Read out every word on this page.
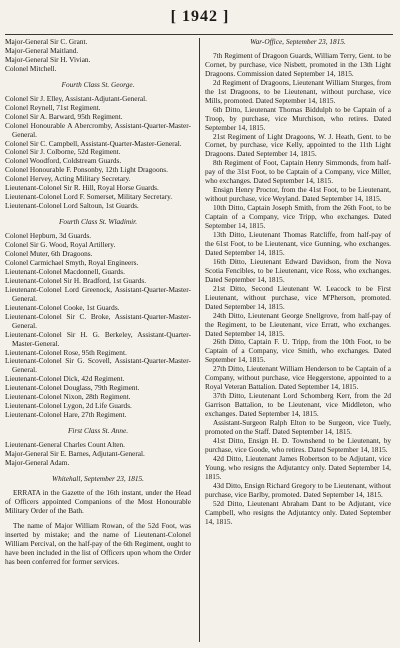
[ 1942 ]
Major-General Sir C. Grant.
Major-General Maitland.
Major-General Sir H. Vivian.
Colonel Mitchell.

Fourth Class St. George.

Colonel Sir J. Elley, Assistant-Adjutant-General.

Colonel Reynell, 71st Regiment.

Colonel Sir A. Barward, 95th Regiment.

Colonel Honourable A Abercromby, Assistant-Quarter-Master-General.

Colonel Sir C. Campbell, Assistant-Quarter-Master-General.

Colonel Sir J. Colborne, 52d Regiment.

Colonel Woodford, Coldstream Guards.

Colonel Honourable F. Ponsonby, 12th Light Dragoons.

Colonel Hervey, Acting Military Secretary.

Lieutenant-Colonel Sir R. Hill, Royal Horse Guards.

Lieutenant-Colonel Lord F. Somerset, Military Secretary.

Lieutenant-Colonel Lord Saltoun, 1st Guards.

Fourth Class St. Wladimir.

Colonel Hepburn, 3d Guards.

Colonel Sir G. Wood, Royal Artillery.

Colonel Muter, 6th Dragoons.

Colonel Carmichael Smyth, Royal Engineers.

Lieutenant-Colonel Macdonnell, Guards.

Lieutenant-Colonel Sir H. Bradford, 1st Guards.

Lieutenant-Colonel Lord Greenock, Assistant-Quarter-Master-General.

Lieutenant-Colonel Cooke, 1st Guards.

Lieutenant-Colonel Sir C. Broke, Assistant-Quarter-Master-General.

Lieutenant-Colonel Sir H. G. Berkeley, Assistant-Quarter-Master-General.

Lieutenant-Colonel Rose, 95th Regiment.

Lieutenant-Colonel Sir G. Scovell, Assistant-Quarter-Master-General.

Lieutenant-Colonel Dick, 42d Regiment.

Lieutenant-Colonel Douglass, 79th Regiment.

Lieutenant-Colonel Nixon, 28th Regiment.

Lieutenant-Colonel Lygon, 2d Life Guards.

Lieutenant-Colonel Hare, 27th Regiment.

First Class St. Anne.

Lieutenant-General Charles Count Alten.

Major-General Sir E. Barnes, Adjutant-General.

Major-General Adam.

Whitehall, September 23, 1815.

ERRATA in the Gazette of the 16th instant, under the Head of Officers appointed Companions of the Most Honourable Military Order of the Bath.

The name of Major William Rowan, of the 52d Foot, was inserted by mistake; and the name of Lieutenant-Colonel William Percival, on the half-pay of the 6th Regiment, ought to have been included in the list of Officers upon whom the Order has been conferred for former services.

War-Office, September 23, 1815.

7th Regiment of Dragoon Guards, William Terry, Gent. to be Cornet, by purchase, vice Nisbett, promoted in the 13th Light Dragoons. Commission dated September 14, 1815.

2d Regiment of Dragoons, Lieutenant William Sturges, from the 1st Dragoons, to be Lieutenant, without purchase, vice Mills, promoted. Dated September 14, 1815.

6th Ditto, Lieutenant Thomas Biddulph to be Captain of a Troop, by purchase, vice Murchison, who retires. Dated September 14, 1815.

21st Regiment of Light Dragoons, W. J. Heath, Gent. to be Cornet, by purchase, vice Kelly, appointed to the 11th Light Dragoons. Dated September 14, 1815.

8th Regiment of Foot, Captain Henry Simmonds, from half-pay of the 31st Foot, to be Captain of a Company, vice Miller, who exchanges. Dated September 14, 1815.

Ensign Henry Proctor, from the 41st Foot, to be Lieutenant, without purchase, vice Weyland. Dated September 14, 1815.

10th Ditto, Captain Joseph Smith, from the 26th Foot, to be Captain of a Company, vice Tripp, who exchanges. Dated September 14, 1815.

13th Ditto, Lieutenant Thomas Ratcliffe, from half-pay of the 61st Foot, to be Lieutenant, vice Gunning, who exchanges. Dated September 14, 1815.

16th Ditto, Lieutenant Edward Davidson, from the Nova Scotia Fencibles, to be Lieutenant, vice Ross, who exchanges. Dated September 14, 1815.

21st Ditto, Second Lieutenant W. Leacock to be First Lieutenant, without purchase, vice M'Pherson, promoted. Dated September 14, 1815.

24th Ditto, Lieutenant George Snellgrove, from half-pay of the Regiment, to be Lieutenant, vice Erratt, who exchanges. Dated September 14, 1815.

26th Ditto, Captain F. U. Tripp, from the 10th Foot, to be Captain of a Company, vice Smith, who exchanges. Dated September 14, 1815.

27th Ditto, Lieutenant William Henderson to be Captain of a Company, without purchase, vice Heggerstone, appointed to a Royal Veteran Battalion. Dated September 14, 1815.

37th Ditto, Lieutenant Lord Schomberg Kerr, from the 2d Garrison Battalion, to be Lieutenant, vice Middleton, who exchanges. Dated September 14, 1815.

Assistant-Surgeon Ralph Elton to be Surgeon, vice Tuely, promoted on the Staff. Dated September 14, 1815.

41st Ditto, Ensign H. D. Townshend to be Lieutenant, by purchase, vice Goode, who retires. Dated September 14, 1815.

42d Ditto, Lieutenant James Robertson to be Adjutant, vice Young, who resigns the Adjutantcy only. Dated September 14, 1815.

43d Ditto, Ensign Richard Gregory to be Lieutenant, without purchase, vice Barlby, promoted. Dated September 14, 1815.

52d Ditto, Lieutenant Abraham Dant to be Adjutant, vice Campbell, who resigns the Adjutantcy only. Dated September 14, 1815.
